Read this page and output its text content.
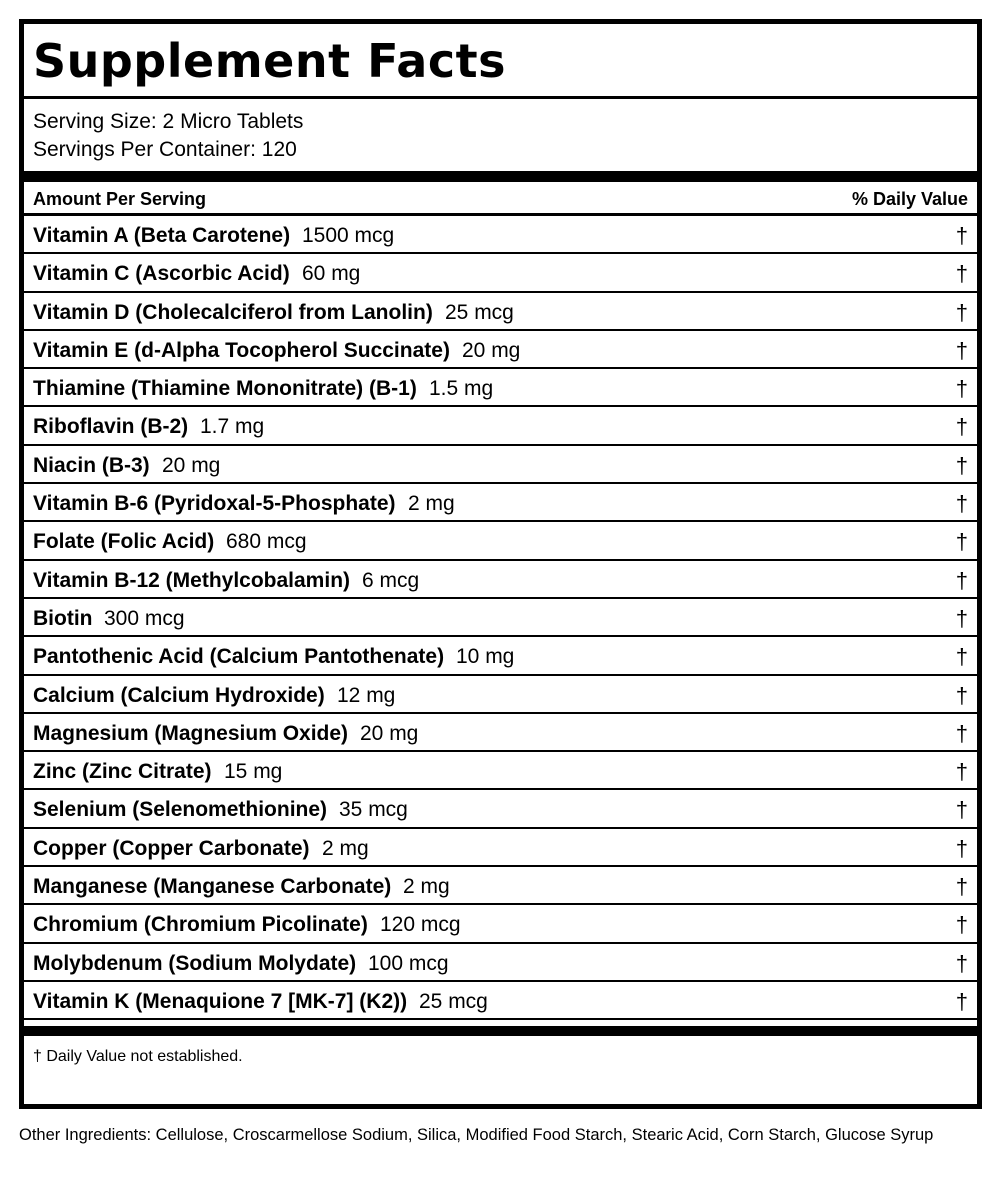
Supplement Facts
Serving Size: 2 Micro Tablets
Servings Per Container: 120
Amount Per Serving	% Daily Value
Vitamin A (Beta Carotene) 1500 mcg	†
Vitamin C (Ascorbic Acid) 60 mg	†
Vitamin D (Cholecalciferol from Lanolin) 25 mcg	†
Vitamin E (d-Alpha Tocopherol Succinate) 20 mg	†
Thiamine (Thiamine Mononitrate) (B-1) 1.5 mg	†
Riboflavin (B-2) 1.7 mg	†
Niacin (B-3) 20 mg	†
Vitamin B-6 (Pyridoxal-5-Phosphate) 2 mg	†
Folate (Folic Acid) 680 mcg	†
Vitamin B-12 (Methylcobalamin) 6 mcg	†
Biotin 300 mcg	†
Pantothenic Acid (Calcium Pantothenate) 10 mg	†
Calcium (Calcium Hydroxide) 12 mg	†
Magnesium (Magnesium Oxide) 20 mg	†
Zinc (Zinc Citrate) 15 mg	†
Selenium (Selenomethionine) 35 mcg	†
Copper (Copper Carbonate) 2 mg	†
Manganese (Manganese Carbonate) 2 mg	†
Chromium (Chromium Picolinate) 120 mcg	†
Molybdenum (Sodium Molydate) 100 mcg	†
Vitamin K (Menaquione 7 [MK-7] (K2)) 25 mcg	†
† Daily Value not established.
Other Ingredients: Cellulose, Croscarmellose Sodium, Silica, Modified Food Starch, Stearic Acid, Corn Starch, Glucose Syrup
